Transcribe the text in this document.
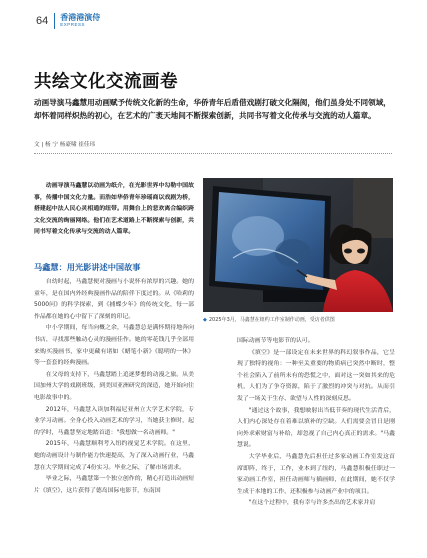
64 香港港演侍
EXPRESS
共绘文化交流画卷

动画导演马鑫慧用动画赋予传统文化新的生命，华侨青年后盾借戏剧打破文化隔阂，他们虽身处不同领域，却怀着同样炽热的初心，在艺术的广袤天地间不断探索创新，共同书写着文化传承与交流的动人篇章。

文 | 杨 宁 杨豪啸 崔佳玮

动画导演马鑫慧以动画为纸介，在光影世界中勾勒中国故事，传播中国文化力量。而浩如华侨青年珍瑶商以戏剧为桥，搭建起中法人民心灵相通的纽带。用舞台上的悲欢离合编织跨文化交流的绚丽网络。他们在艺术道路上不断探索与创新，共同书写着文化传承与交流的动人篇章。

马鑫慧：用光影讲述中国故事

自幼时起，马鑫慧便对漫画与小说怀有浓厚的兴趣。她的童年，是在国内外经典漫画作品的陪伴下度过的。从《哈莉的5000问》的科学探索，到《捕蝶少年》的传统文化，每一部作品都在她的心中留下了深刻的印记。

中小学期间，每当向概之余，马鑫慧总是满怀期待地奔向书店，寻找那些触动心灵的漫画佳作。她的零花钱几乎全部用来购买漫画书，家中更藏有诸如《蜡笔小新》《聪明的一休》等一套套的经典漫画。

在父母的支持下，马鑫慧踏上追逐梦想的动漫之旅。从美国加州大学的戏剧班级，到美国亚洲研究的深造，她开始向往电影故事中的。

2012年，马鑫慧入读加利福尼亚州立大学艺术学院，专业学习动画。全身心投入动画艺术的学习，当她获主修时，起的学时，马鑫慧坚定地踏首道："我想做一名动画师。"

2015年，马鑫慧顺利考入纽约视觉艺术学院。在这里，她的动画设计与制作能力快速提高，为了深入动画行业，马鑫慧在大学期间完成了4份实习。毕业之际，了解市场需求。

毕业之际，马鑫慧第一个独立创作的，精心打造出动画短片《填空》，这片获得了德岛国际电影节，东南国

◆ 2025年3月，马鑫慧在纽约工作室制作动画，受访者供图

国际动画节等电影节的认可。

《填空》是一部设定在未来世界的科幻叙事作品，它呈现了独特的视角：一种至关重要的物质病已突然中断时，整个社会陷入了前所未有的恐慌之中，面对这一突如其来的危机，人们为了争夺资源，陷于了激烈的冲突与对抗。从而引发了一场关于生存、欲望与人性的深刻反思。

"通过这个故事，我想映射出当低节奏的现代生活背后，人们内心深处存在着难以填补的空缺。人们需要会冒日是刚向外求索财富与补给，却忽视了自己内心真正的需求。"马鑫慧说。

大学毕业后，马鑫慧先后担任过多家动画工作室发这首席即阵，终于，工作，业本到了纽约，马鑫慧积极任职过一家动画工作室，担任动画师与插画师，在此期间，她不仅学生成于本地的工作，还积极参与动画产业中的项目。

"在这个过程中，我有幸与许多杰出的艺术家并肩
